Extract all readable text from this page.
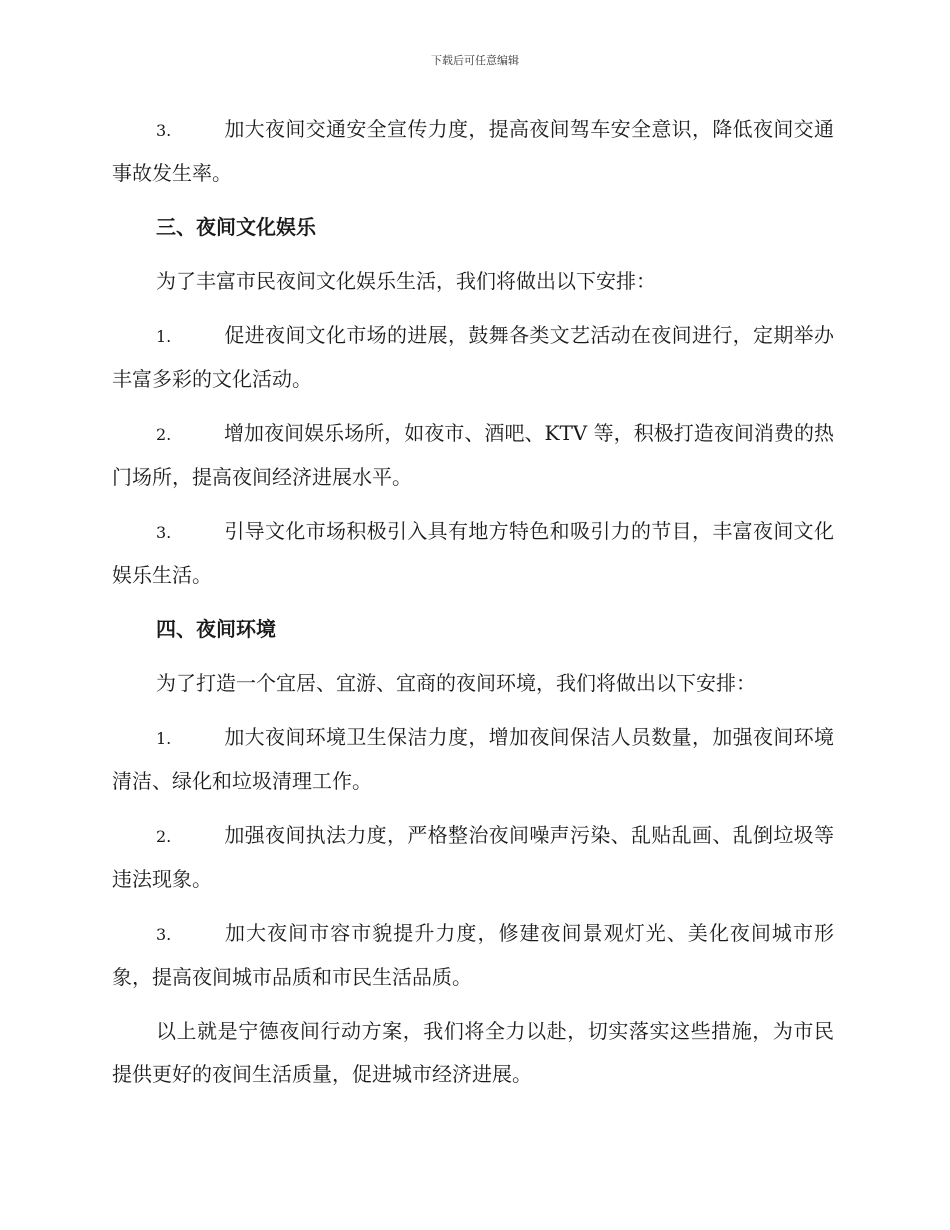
下载后可任意编辑

3.	加大夜间交通安全宣传力度，提高夜间驾车安全意识，降低夜间交通事故发生率。

三、夜间文化娱乐

为了丰富市民夜间文化娱乐生活，我们将做出以下安排：

1.	促进夜间文化市场的进展，鼓舞各类文艺活动在夜间进行，定期举办丰富多彩的文化活动。

2.	增加夜间娱乐场所，如夜市、酒吧、KTV 等，积极打造夜间消费的热门场所，提高夜间经济进展水平。

3.	引导文化市场积极引入具有地方特色和吸引力的节目，丰富夜间文化娱乐生活。

四、夜间环境

为了打造一个宜居、宜游、宜商的夜间环境，我们将做出以下安排：

1.	加大夜间环境卫生保洁力度，增加夜间保洁人员数量，加强夜间环境清洁、绿化和垃圾清理工作。

2.	加强夜间执法力度，严格整治夜间噪声污染、乱贴乱画、乱倒垃圾等违法现象。

3.	加大夜间市容市貌提升力度，修建夜间景观灯光、美化夜间城市形象，提高夜间城市品质和市民生活品质。

以上就是宁德夜间行动方案，我们将全力以赴，切实落实这些措施，为市民提供更好的夜间生活质量，促进城市经济进展。
